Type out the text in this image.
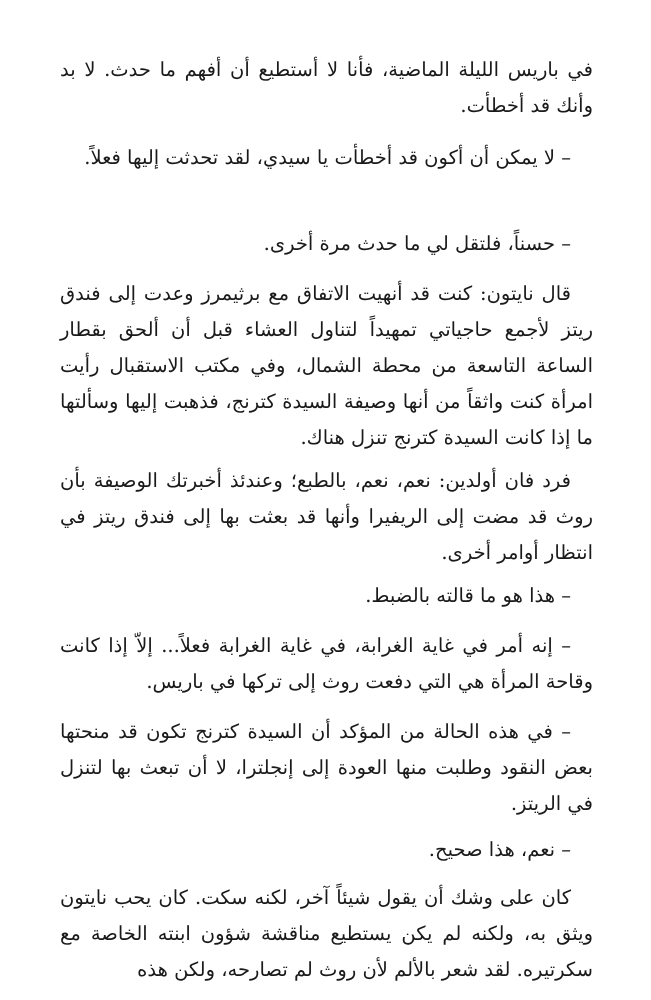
في باريس الليلة الماضية، فأنا لا أستطيع أن أفهم ما حدث. لا بد وأنك قد أخطأت.

– لا يمكن أن أكون قد أخطأت يا سيدي، لقد تحدثت إليها فعلاً.

– حسناً، فلتقل لي ما حدث مرة أخرى.

قال نايتون: كنت قد أنهيت الاتفاق مع برثيمرز وعدت إلى فندق ريتز لأجمع حاجياتي تمهيداً لتناول العشاء قبل أن ألحق بقطار الساعة التاسعة من محطة الشمال، وفي مكتب الاستقبال رأيت امرأة كنت واثقاً من أنها وصيفة السيدة كترنج، فذهبت إليها وسألتها ما إذا كانت السيدة كترنج تنزل هناك.

فرد فان أولدين: نعم، نعم، بالطبع؛ وعندئذ أخبرتك الوصيفة بأن روث قد مضت إلى الريفيرا وأنها قد بعثت بها إلى فندق ريتز في انتظار أوامر أخرى.

– هذا هو ما قالته بالضبط.

– إنه أمر في غاية الغرابة، في غاية الغرابة فعلاً... إلاّ إذا كانت وقاحة المرأة هي التي دفعت روث إلى تركها في باريس.

– في هذه الحالة من المؤكد أن السيدة كترنج تكون قد منحتها بعض النقود وطلبت منها العودة إلى إنجلترا، لا أن تبعث بها لتنزل في الريتز.

– نعم، هذا صحيح.

كان على وشك أن يقول شيئاً آخر، لكنه سكت. كان يحب نايتون ويثق به، ولكنه لم يكن يستطيع مناقشة شؤون ابنته الخاصة مع سكرتيره. لقد شعر بالألم لأن روث لم تصارحه، ولكن هذه
